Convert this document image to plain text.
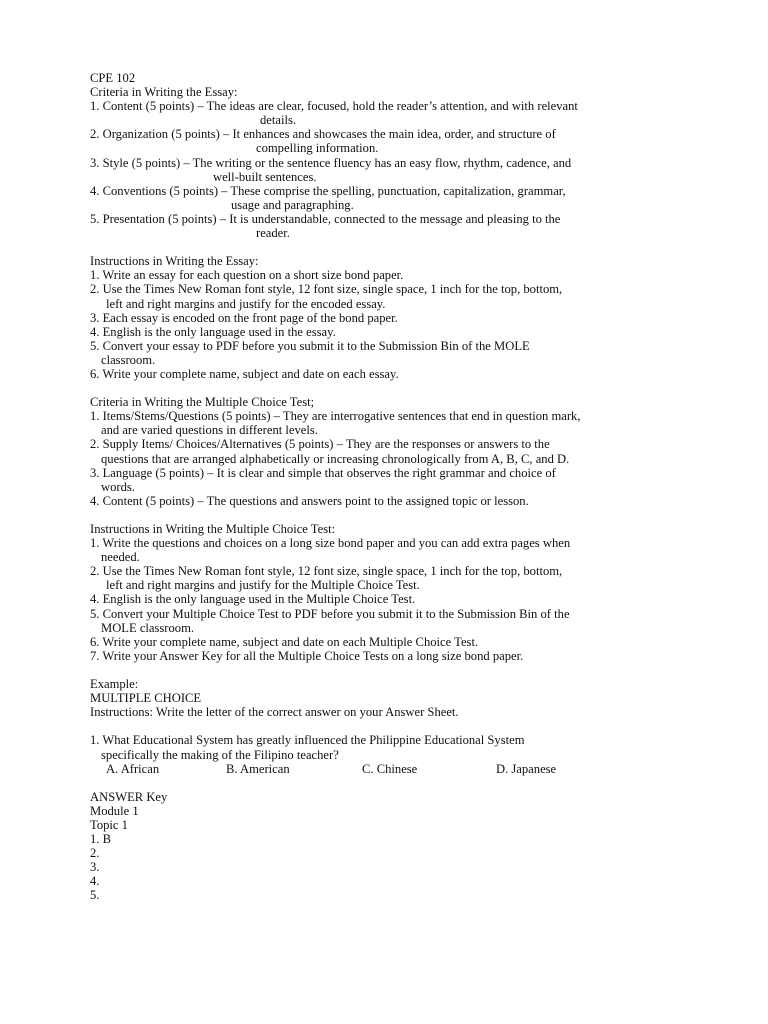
CPE 102
Criteria in Writing the Essay:
1. Content (5 points) – The ideas are clear, focused, hold the reader’s attention, and with relevant
details.
2. Organization (5 points) – It enhances and showcases the main idea, order, and structure of
compelling information.
3. Style (5 points) – The writing or the sentence fluency has an easy flow, rhythm, cadence, and
well-built sentences.
4. Conventions (5 points) – These comprise the spelling, punctuation, capitalization, grammar,
usage and paragraphing.
5. Presentation (5 points) – It is understandable, connected to the message and pleasing to the
reader.
Instructions in Writing the Essay:
1. Write an essay for each question on a short size bond paper.
2. Use the Times New Roman font style, 12 font size, single space, 1 inch for the top, bottom,
left and right margins and justify for the encoded essay.
3. Each essay is encoded on the front page of the bond paper.
4. English is the only language used in the essay.
5. Convert your essay to PDF before you submit it to the Submission Bin of the MOLE
classroom.
6. Write your complete name, subject and date on each essay.
Criteria in Writing the Multiple Choice Test;
1. Items/Stems/Questions (5 points) – They are interrogative sentences that end in question mark,
and are varied questions in different levels.
2. Supply Items/ Choices/Alternatives (5 points) – They are the responses or answers to the
questions that are arranged alphabetically or increasing chronologically from A, B, C, and D.
3. Language (5 points) – It is clear and simple that observes the right grammar and choice of
words.
4. Content (5 points) – The questions and answers point to the assigned topic or lesson.
Instructions in Writing the Multiple Choice Test:
1. Write the questions and choices on a long size bond paper and you can add extra pages when
needed.
2. Use the Times New Roman font style, 12 font size, single space, 1 inch for the top, bottom,
left and right margins and justify for the Multiple Choice Test.
4. English is the only language used in the Multiple Choice Test.
5. Convert your Multiple Choice Test to PDF before you submit it to the Submission Bin of the
MOLE classroom.
6. Write your complete name, subject and date on each Multiple Choice Test.
7. Write your Answer Key for all the Multiple Choice Tests on a long size bond paper.
Example:
MULTIPLE CHOICE
Instructions: Write the letter of the correct answer on your Answer Sheet.
1. What Educational System has greatly influenced the Philippine Educational System
specifically the making of the Filipino teacher?
A. African	B. American	C. Chinese	D. Japanese
ANSWER Key
Module 1
Topic 1
1. B
2.
3.
4.
5.
